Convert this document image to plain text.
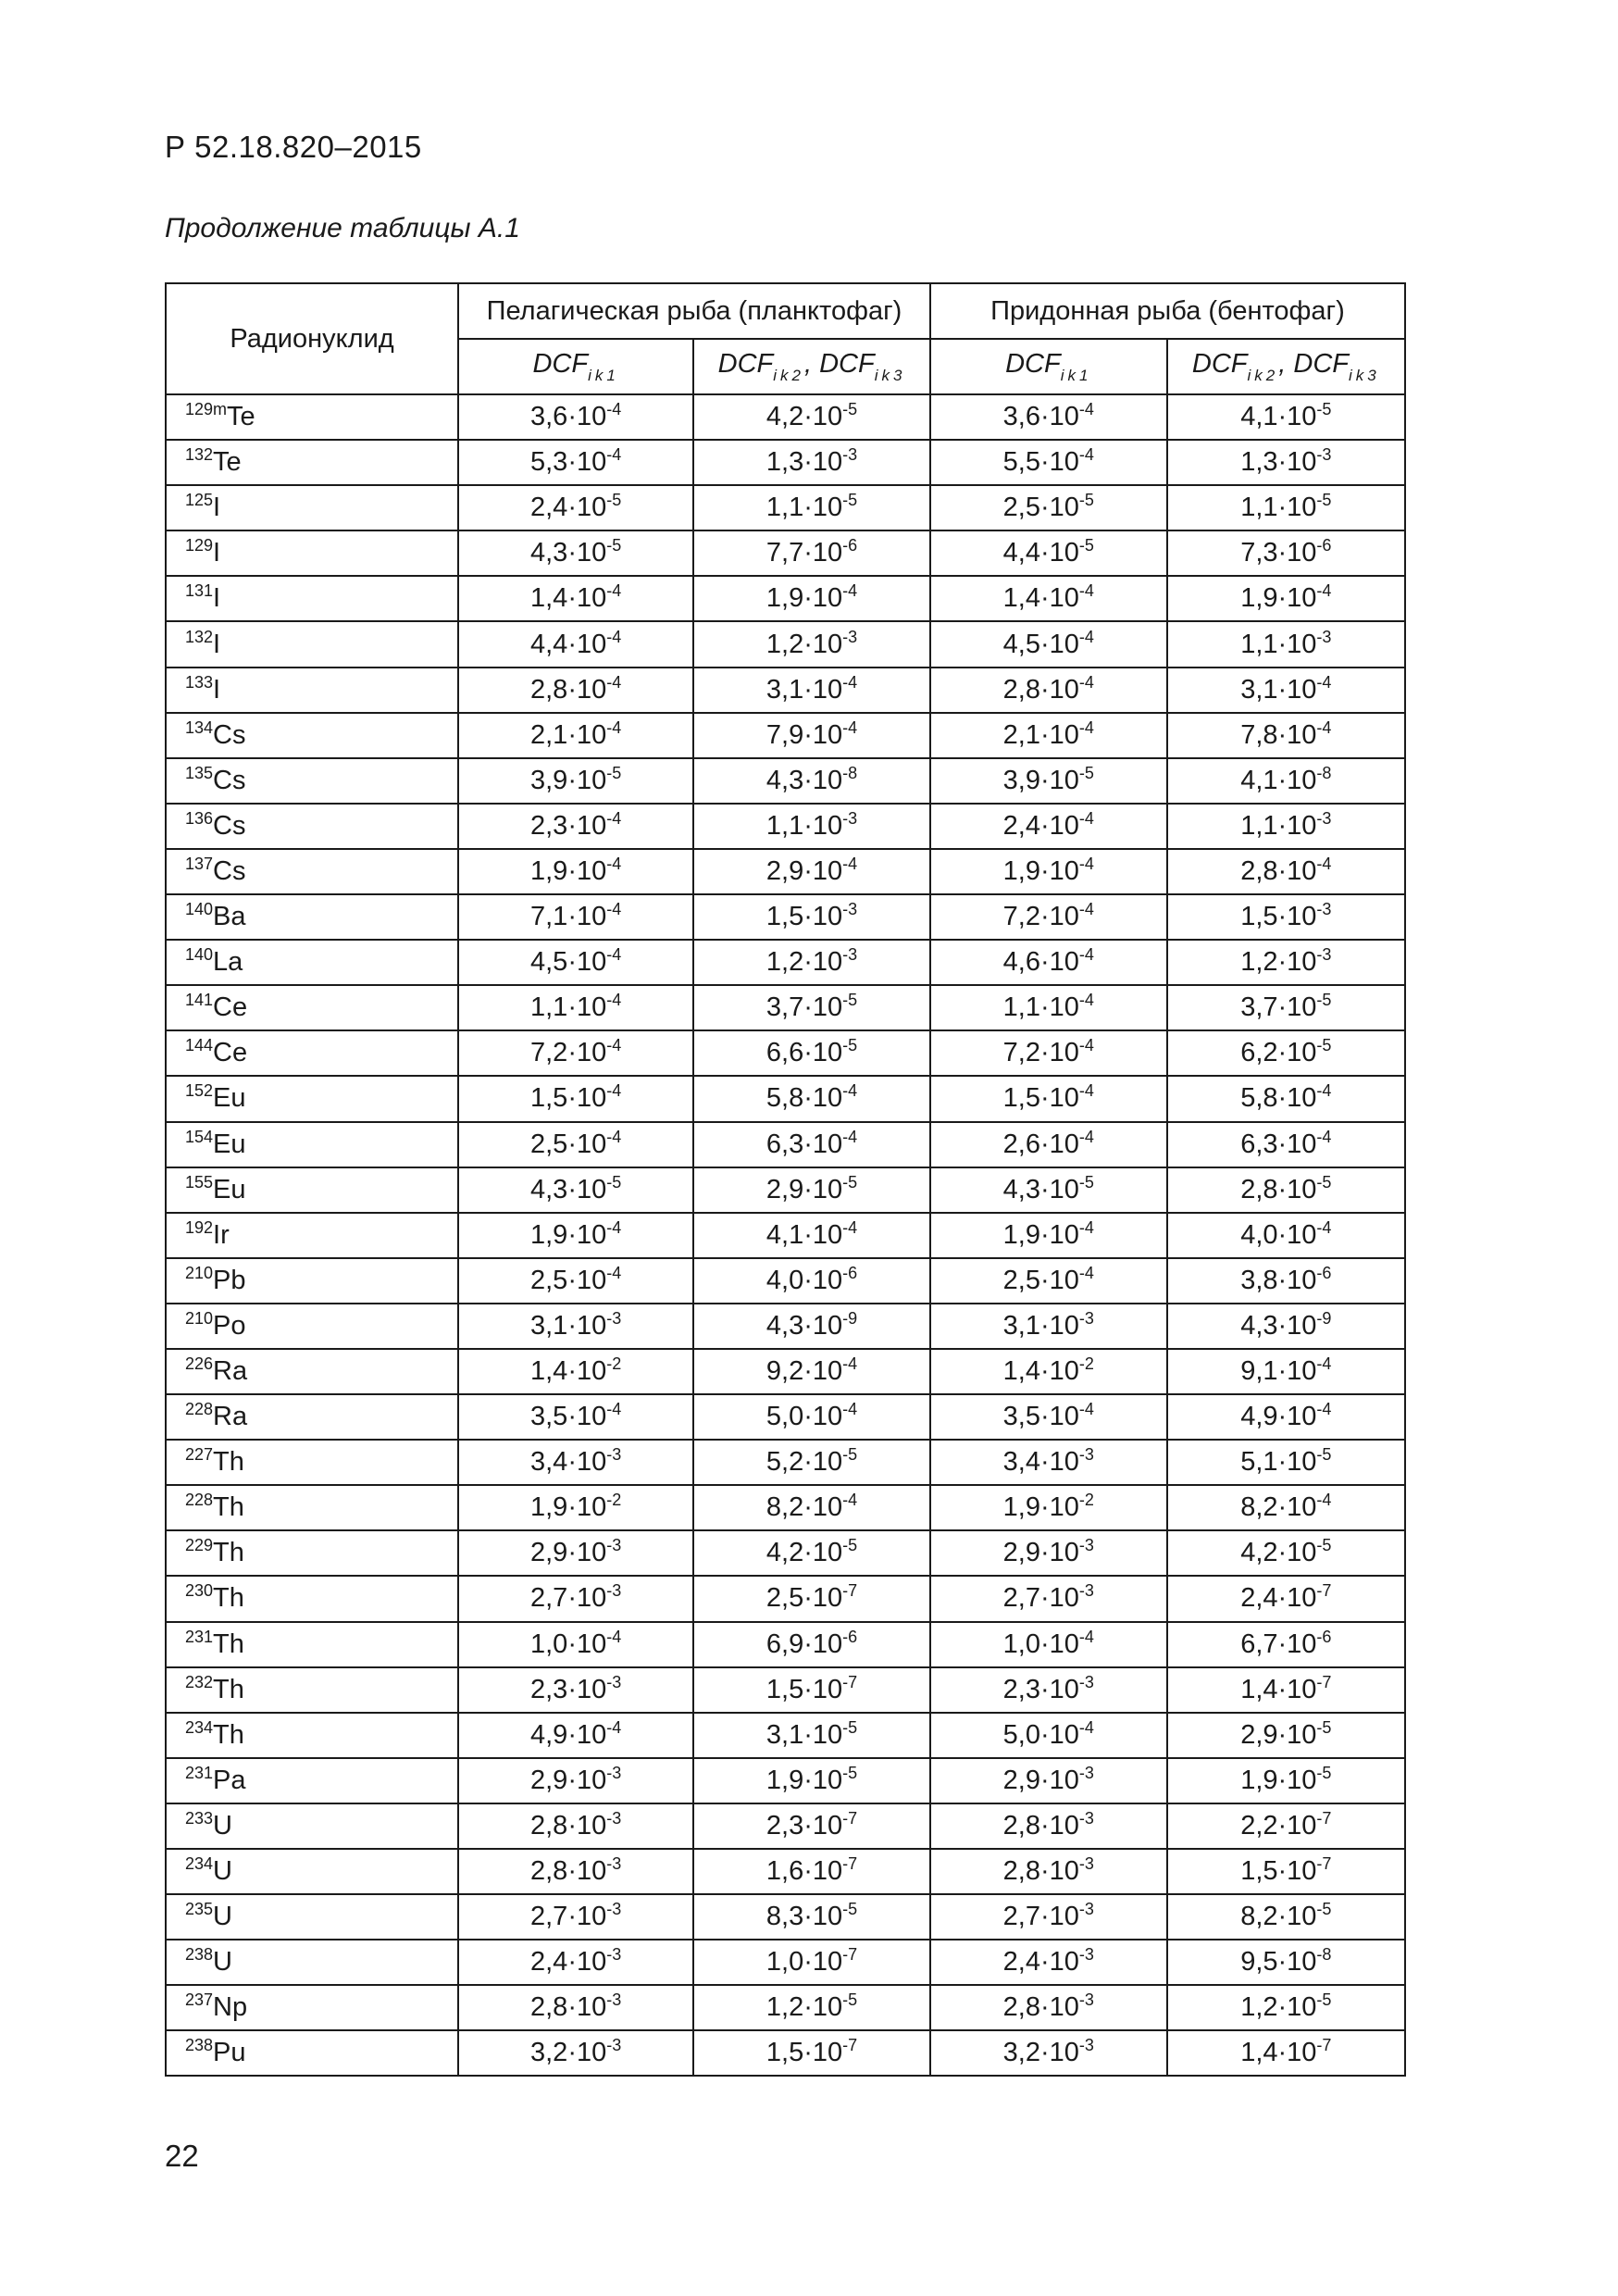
Р 52.18.820–2015
Продолжение таблицы А.1
Радионуклид	Пелагическая рыба (планктофаг)		Придонная рыба (бентофаг)	
	$DCF_{ik1}$	$DCF_{ik2}$, $DCF_{ik3}$	$DCF_{ik1}$	$DCF_{ik2}$, $DCF_{ik3}$
$^{129m}$Te	$3,6\cdot 10^{-4}$	$4,2\cdot 10^{-5}$	$3,6\cdot 10^{-4}$	$4,1\cdot 10^{-5}$
$^{132}$Te	$5,3\cdot 10^{-4}$	$1,3\cdot 10^{-3}$	$5,5\cdot 10^{-4}$	$1,3\cdot 10^{-3}$
$^{125}$I	$2,4\cdot 10^{-5}$	$1,1\cdot 10^{-5}$	$2,5\cdot 10^{-5}$	$1,1\cdot 10^{-5}$
$^{129}$I	$4,3\cdot 10^{-5}$	$7,7\cdot 10^{-6}$	$4,4\cdot 10^{-5}$	$7,3\cdot 10^{-6}$
$^{131}$I	$1,4\cdot 10^{-4}$	$1,9\cdot 10^{-4}$	$1,4\cdot 10^{-4}$	$1,9\cdot 10^{-4}$
$^{132}$I	$4,4\cdot 10^{-4}$	$1,2\cdot 10^{-3}$	$4,5\cdot 10^{-4}$	$1,1\cdot 10^{-3}$
$^{133}$I	$2,8\cdot 10^{-4}$	$3,1\cdot 10^{-4}$	$2,8\cdot 10^{-4}$	$3,1\cdot 10^{-4}$
$^{134}$Cs	$2,1\cdot 10^{-4}$	$7,9\cdot 10^{-4}$	$2,1\cdot 10^{-4}$	$7,8\cdot 10^{-4}$
$^{135}$Cs	$3,9\cdot 10^{-5}$	$4,3\cdot 10^{-8}$	$3,9\cdot 10^{-5}$	$4,1\cdot 10^{-8}$
$^{136}$Cs	$2,3\cdot 10^{-4}$	$1,1\cdot 10^{-3}$	$2,4\cdot 10^{-4}$	$1,1\cdot 10^{-3}$
$^{137}$Cs	$1,9\cdot 10^{-4}$	$2,9\cdot 10^{-4}$	$1,9\cdot 10^{-4}$	$2,8\cdot 10^{-4}$
$^{140}$Ba	$7,1\cdot 10^{-4}$	$1,5\cdot 10^{-3}$	$7,2\cdot 10^{-4}$	$1,5\cdot 10^{-3}$
$^{140}$La	$4,5\cdot 10^{-4}$	$1,2\cdot 10^{-3}$	$4,6\cdot 10^{-4}$	$1,2\cdot 10^{-3}$
$^{141}$Ce	$1,1\cdot 10^{-4}$	$3,7\cdot 10^{-5}$	$1,1\cdot 10^{-4}$	$3,7\cdot 10^{-5}$
$^{144}$Ce	$7,2\cdot 10^{-4}$	$6,6\cdot 10^{-5}$	$7,2\cdot 10^{-4}$	$6,2\cdot 10^{-5}$
$^{152}$Eu	$1,5\cdot 10^{-4}$	$5,8\cdot 10^{-4}$	$1,5\cdot 10^{-4}$	$5,8\cdot 10^{-4}$
$^{154}$Eu	$2,5\cdot 10^{-4}$	$6,3\cdot 10^{-4}$	$2,6\cdot 10^{-4}$	$6,3\cdot 10^{-4}$
$^{155}$Eu	$4,3\cdot 10^{-5}$	$2,9\cdot 10^{-5}$	$4,3\cdot 10^{-5}$	$2,8\cdot 10^{-5}$
$^{192}$Ir	$1,9\cdot 10^{-4}$	$4,1\cdot 10^{-4}$	$1,9\cdot 10^{-4}$	$4,0\cdot 10^{-4}$
$^{210}$Pb	$2,5\cdot 10^{-4}$	$4,0\cdot 10^{-6}$	$2,5\cdot 10^{-4}$	$3,8\cdot 10^{-6}$
$^{210}$Po	$3,1\cdot 10^{-3}$	$4,3\cdot 10^{-9}$	$3,1\cdot 10^{-3}$	$4,3\cdot 10^{-9}$
$^{226}$Ra	$1,4\cdot 10^{-2}$	$9,2\cdot 10^{-4}$	$1,4\cdot 10^{-2}$	$9,1\cdot 10^{-4}$
$^{228}$Ra	$3,5\cdot 10^{-4}$	$5,0\cdot 10^{-4}$	$3,5\cdot 10^{-4}$	$4,9\cdot 10^{-4}$
$^{227}$Th	$3,4\cdot 10^{-3}$	$5,2\cdot 10^{-5}$	$3,4\cdot 10^{-3}$	$5,1\cdot 10^{-5}$
$^{228}$Th	$1,9\cdot 10^{-2}$	$8,2\cdot 10^{-4}$	$1,9\cdot 10^{-2}$	$8,2\cdot 10^{-4}$
$^{229}$Th	$2,9\cdot 10^{-3}$	$4,2\cdot 10^{-5}$	$2,9\cdot 10^{-3}$	$4,2\cdot 10^{-5}$
$^{230}$Th	$2,7\cdot 10^{-3}$	$2,5\cdot 10^{-7}$	$2,7\cdot 10^{-3}$	$2,4\cdot 10^{-7}$
$^{231}$Th	$1,0\cdot 10^{-4}$	$6,9\cdot 10^{-6}$	$1,0\cdot 10^{-4}$	$6,7\cdot 10^{-6}$
$^{232}$Th	$2,3\cdot 10^{-3}$	$1,5\cdot 10^{-7}$	$2,3\cdot 10^{-3}$	$1,4\cdot 10^{-7}$
$^{234}$Th	$4,9\cdot 10^{-4}$	$3,1\cdot 10^{-5}$	$5,0\cdot 10^{-4}$	$2,9\cdot 10^{-5}$
$^{231}$Pa	$2,9\cdot 10^{-3}$	$1,9\cdot 10^{-5}$	$2,9\cdot 10^{-3}$	$1,9\cdot 10^{-5}$
$^{233}$U	$2,8\cdot 10^{-3}$	$2,3\cdot 10^{-7}$	$2,8\cdot 10^{-3}$	$2,2\cdot 10^{-7}$
$^{234}$U	$2,8\cdot 10^{-3}$	$1,6\cdot 10^{-7}$	$2,8\cdot 10^{-3}$	$1,5\cdot 10^{-7}$
$^{235}$U	$2,7\cdot 10^{-3}$	$8,3\cdot 10^{-5}$	$2,7\cdot 10^{-3}$	$8,2\cdot 10^{-5}$
$^{238}$U	$2,4\cdot 10^{-3}$	$1,0\cdot 10^{-7}$	$2,4\cdot 10^{-3}$	$9,5\cdot 10^{-8}$
$^{237}$Np	$2,8\cdot 10^{-3}$	$1,2\cdot 10^{-5}$	$2,8\cdot 10^{-3}$	$1,2\cdot 10^{-5}$
$^{238}$Pu	$3,2\cdot 10^{-3}$	$1,5\cdot 10^{-7}$	$3,2\cdot 10^{-3}$	$1,4\cdot 10^{-7}$
22
